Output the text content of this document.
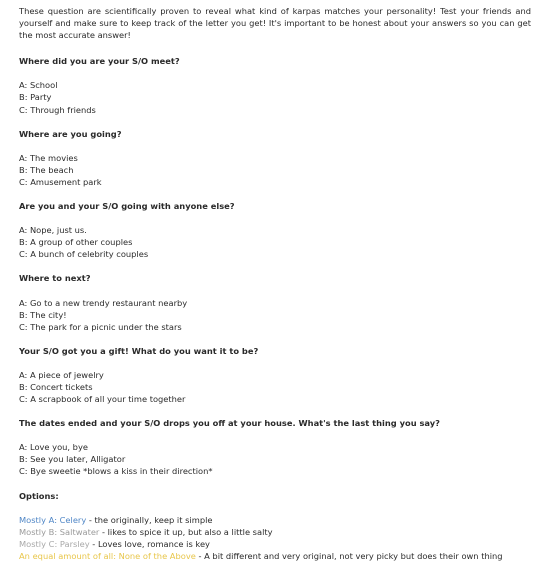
These question are scientifically proven to reveal what kind of karpas matches your personality! Test your friends and yourself and make sure to keep track of the letter you get! It's important to be honest about your answers so you can get the most accurate answer!

Where did you are your S/O meet?
A: School
B: Party
C: Through friends
Where are you going?
A: The movies
B: The beach
C: Amusement park
Are you and your S/O going with anyone else?
A: Nope, just us.
B: A group of other couples
C: A bunch of celebrity couples
Where to next?
A: Go to a new trendy restaurant nearby
B: The city!
C: The park for a picnic under the stars
Your S/O got you a gift! What do you want it to be?
A: A piece of jewelry
B: Concert tickets
C: A scrapbook of all your time together
The dates ended and your S/O drops you off at your house. What's the last thing you say?
A: Love you, bye
B: See you later, Alligator
C: Bye sweetie *blows a kiss in their direction*
Options:
Mostly A: Celery - the originally, keep it simple
Mostly B: Saltwater - likes to spice it up, but also a little salty
Mostly C: Parsley - Loves love, romance is key
An equal amount of all: None of the Above - A bit different and very original, not very picky but does their own thing
